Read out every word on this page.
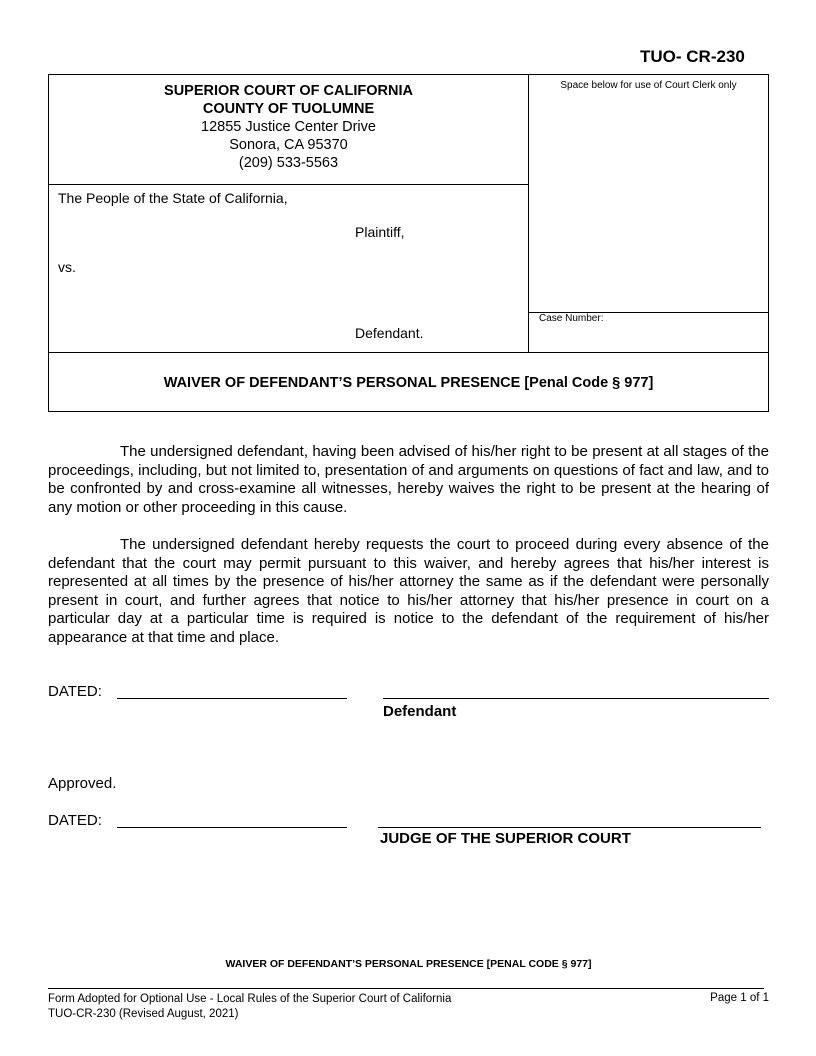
TUO- CR-230
SUPERIOR COURT OF CALIFORNIA
COUNTY OF TUOLUMNE
12855 Justice Center Drive
Sonora, CA 95370
(209) 533-5563
Space below for use of Court Clerk only
Case Number:
The People of the State of California,
Plaintiff,
vs.
Defendant.
WAIVER OF DEFENDANT’S PERSONAL PRESENCE [Penal Code § 977]
The undersigned defendant, having been advised of his/her right to be present at all stages of the proceedings, including, but not limited to, presentation of and arguments on questions of fact and law, and to be confronted by and cross-examine all witnesses, hereby waives the right to be present at the hearing of any motion or other proceeding in this cause.
The undersigned defendant hereby requests the court to proceed during every absence of the defendant that the court may permit pursuant to this waiver, and hereby agrees that his/her interest is represented at all times by the presence of his/her attorney the same as if the defendant were personally present in court, and further agrees that notice to his/her attorney that his/her presence in court on a particular day at a particular time is required is notice to the defendant of the requirement of his/her appearance at that time and place.
DATED:
Defendant
Approved.
DATED:
JUDGE OF THE SUPERIOR COURT
WAIVER OF DEFENDANT’S PERSONAL PRESENCE [PENAL CODE § 977]
Form Adopted for Optional Use - Local Rules of the Superior Court of California
TUO-CR-230 (Revised August, 2021)
Page 1 of 1
